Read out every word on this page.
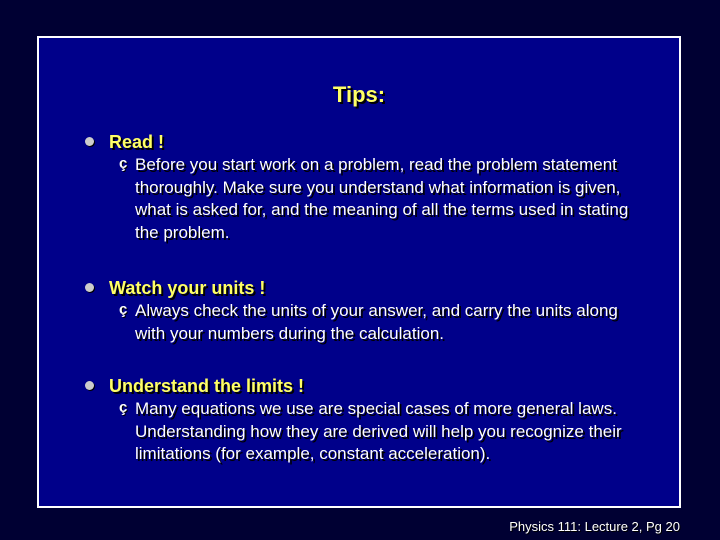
Tips:
Read !
ç Before you start work on a problem, read the problem statement thoroughly. Make sure you understand what information is given, what is asked for, and the meaning of all the terms used in stating the problem.

Watch your units !
ç Always check the units of your answer, and carry the units along with your numbers during the calculation.

Understand the limits !
ç Many equations we use are special cases of more general laws. Understanding how they are derived will help you recognize their limitations (for example, constant acceleration).

Physics 111: Lecture 2, Pg 20
